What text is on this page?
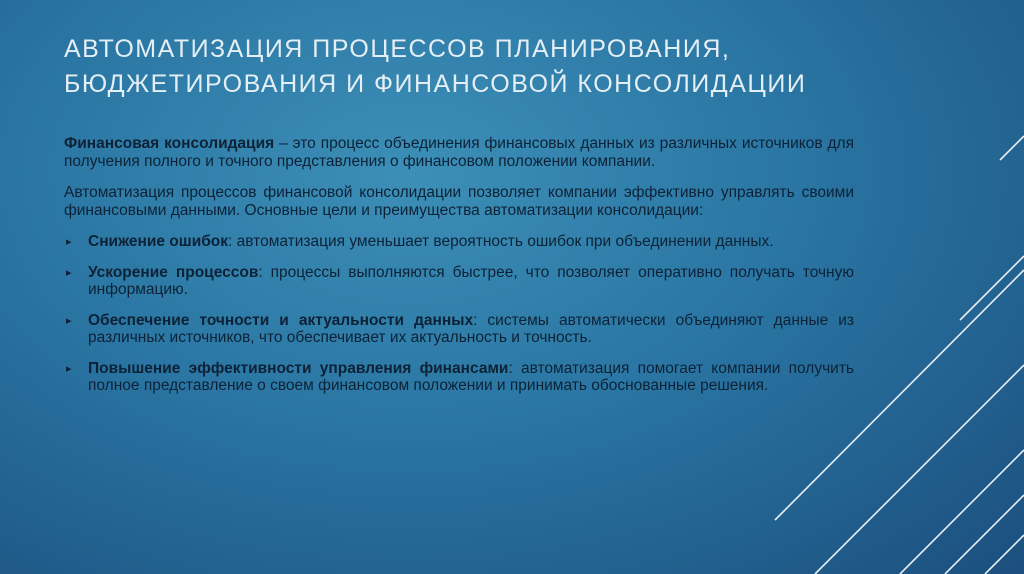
АВТОМАТИЗАЦИЯ ПРОЦЕССОВ ПЛАНИРОВАНИЯ,
БЮДЖЕТИРОВАНИЯ И ФИНАНСОВОЙ КОНСОЛИДАЦИИ

Финансовая консолидация – это процесс объединения финансовых данных из различных источников для получения полного и точного представления о финансовом положении компании.

Автоматизация процессов финансовой консолидации позволяет компании эффективно управлять своими финансовыми данными. Основные цели и преимущества автоматизации консолидации:

▸ Снижение ошибок: автоматизация уменьшает вероятность ошибок при объединении данных.
▸ Ускорение процессов: процессы выполняются быстрее, что позволяет оперативно получать точную информацию.
▸ Обеспечение точности и актуальности данных: системы автоматически объединяют данные из различных источников, что обеспечивает их актуальность и точность.
▸ Повышение эффективности управления финансами: автоматизация помогает компании получить полное представление о своем финансовом положении и принимать обоснованные решения.
